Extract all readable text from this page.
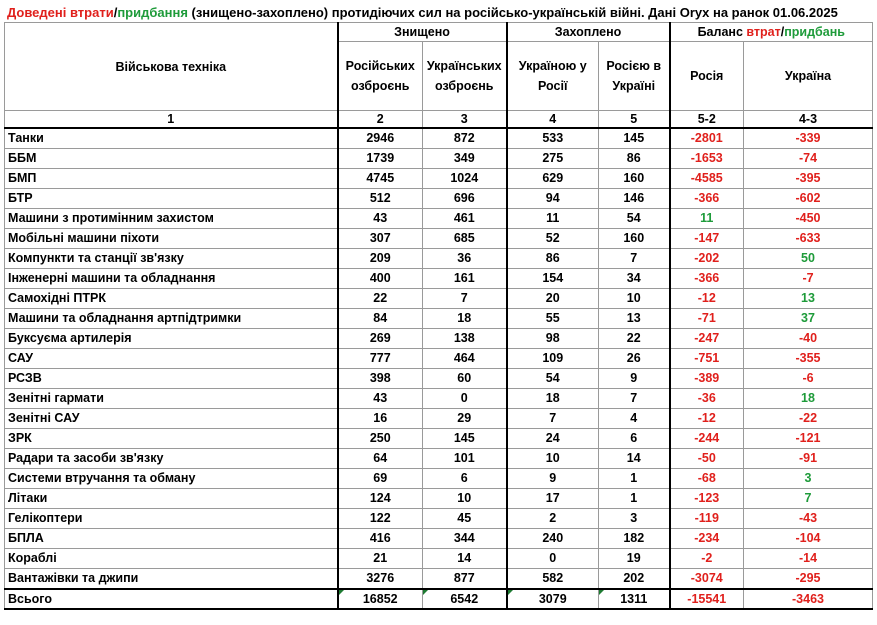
Доведені втрати/придбання (знищено-захоплено) протидіючих сил на російсько-українській війні. Дані Oryx на ранок 01.06.2025
Військова техніка	Знищено		Захоплено		Баланс втрат/придбань	
	Російських озброєнь	Українських озброєнь	Україною у Росії	Росією в Україні	Росія	Україна
1	2	3	4	5	5-2	4-3
Танки	2946	872	533	145	-2801	-339
ББМ	1739	349	275	86	-1653	-74
БМП	4745	1024	629	160	-4585	-395
БТР	512	696	94	146	-366	-602
Машини з протимінним захистом	43	461	11	54	11	-450
Мобільні машини піхоти	307	685	52	160	-147	-633
Компункти та станції зв'язку	209	36	86	7	-202	50
Інженерні машини та обладнання	400	161	154	34	-366	-7
Самохідні ПТРК	22	7	20	10	-12	13
Машини та обладнання артпідтримки	84	18	55	13	-71	37
Буксуєма артилерія	269	138	98	22	-247	-40
САУ	777	464	109	26	-751	-355
РСЗВ	398	60	54	9	-389	-6
Зенітні гармати	43	0	18	7	-36	18
Зенітні САУ	16	29	7	4	-12	-22
ЗРК	250	145	24	6	-244	-121
Радари та засоби зв'язку	64	101	10	14	-50	-91
Системи втручання та обману	69	6	9	1	-68	3
Літаки	124	10	17	1	-123	7
Гелікоптери	122	45	2	3	-119	-43
БПЛА	416	344	240	182	-234	-104
Кораблі	21	14	0	19	-2	-14
Вантажівки та джипи	3276	877	582	202	-3074	-295
Всього	16852	6542	3079	1311	-15541	-3463
